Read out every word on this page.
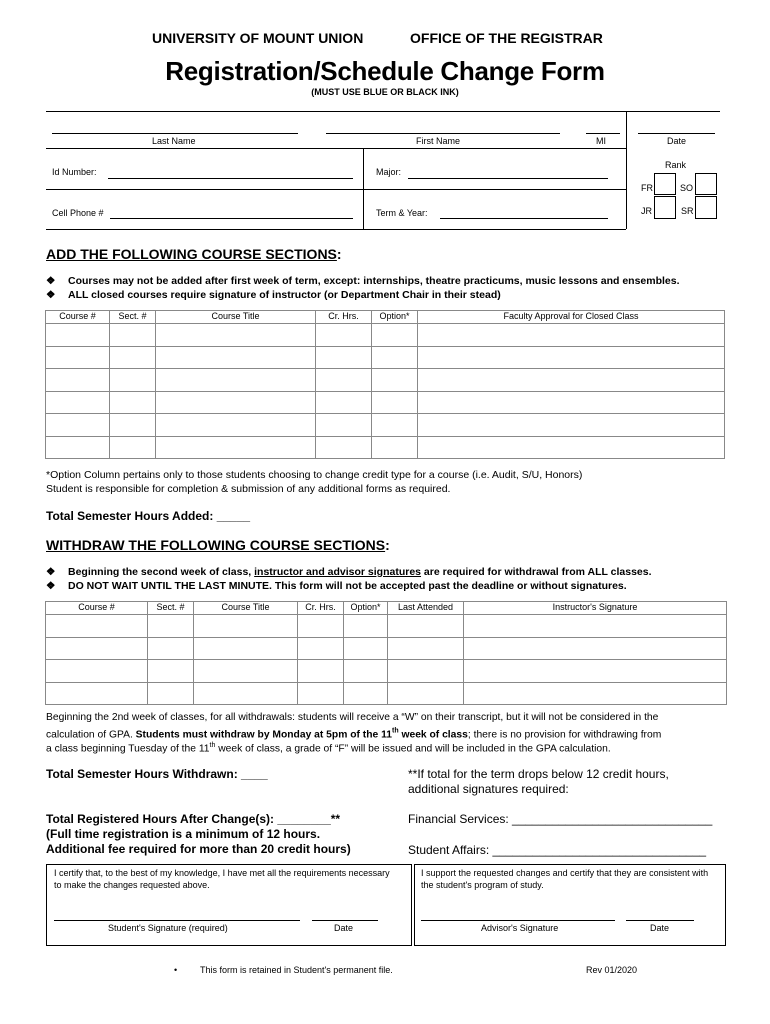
UNIVERSITY OF MOUNT UNION	OFFICE OF THE REGISTRAR
Registration/Schedule Change Form
(MUST USE BLUE OR BLACK INK)
Last Name	First Name	MI	Date
Id Number:	Major:
Cell Phone #	Term & Year:
Rank
FR	SO
JR	SR
ADD THE FOLLOWING COURSE SECTIONS:
❖ Courses may not be added after first week of term, except: internships, theatre practicums, music lessons and ensembles.
❖ ALL closed courses require signature of instructor (or Department Chair in their stead)
Course #	Sect. #	Course Title	Cr. Hrs.	Option*	Faculty Approval for Closed Class

*Option Column pertains only to those students choosing to change credit type for a course (i.e. Audit, S/U, Honors)
Student is responsible for completion & submission of any additional forms as required.
Total Semester Hours Added: _____
WITHDRAW THE FOLLOWING COURSE SECTIONS:
❖ Beginning the second week of class, instructor and advisor signatures are required for withdrawal from ALL classes.
❖ DO NOT WAIT UNTIL THE LAST MINUTE. This form will not be accepted past the deadline or without signatures.
Course #	Sect. #	Course Title	Cr. Hrs.	Option*	Last Attended	Instructor's Signature

Beginning the 2nd week of classes, for all withdrawals: students will receive a “W” on their transcript, but it will not be considered in the
calculation of GPA. Students must withdraw by Monday at 5pm of the 11th week of class; there is no provision for withdrawing from
a class beginning Tuesday of the 11th week of class, a grade of “F” will be issued and will be included in the GPA calculation.
Total Semester Hours Withdrawn: ____	**If total for the term drops below 12 credit hours,
additional signatures required:
Total Registered Hours After Change(s): ________**
(Full time registration is a minimum of 12 hours.
Additional fee required for more than 20 credit hours)
Financial Services: ______________________________
Student Affairs: ________________________________
I certify that, to the best of my knowledge, I have met all the requirements necessary
to make the changes requested above.
Student's Signature (required)	Date
I support the requested changes and certify that they are consistent with
the student's program of study.
Advisor's Signature	Date
•	This form is retained in Student's permanent file.	Rev 01/2020
